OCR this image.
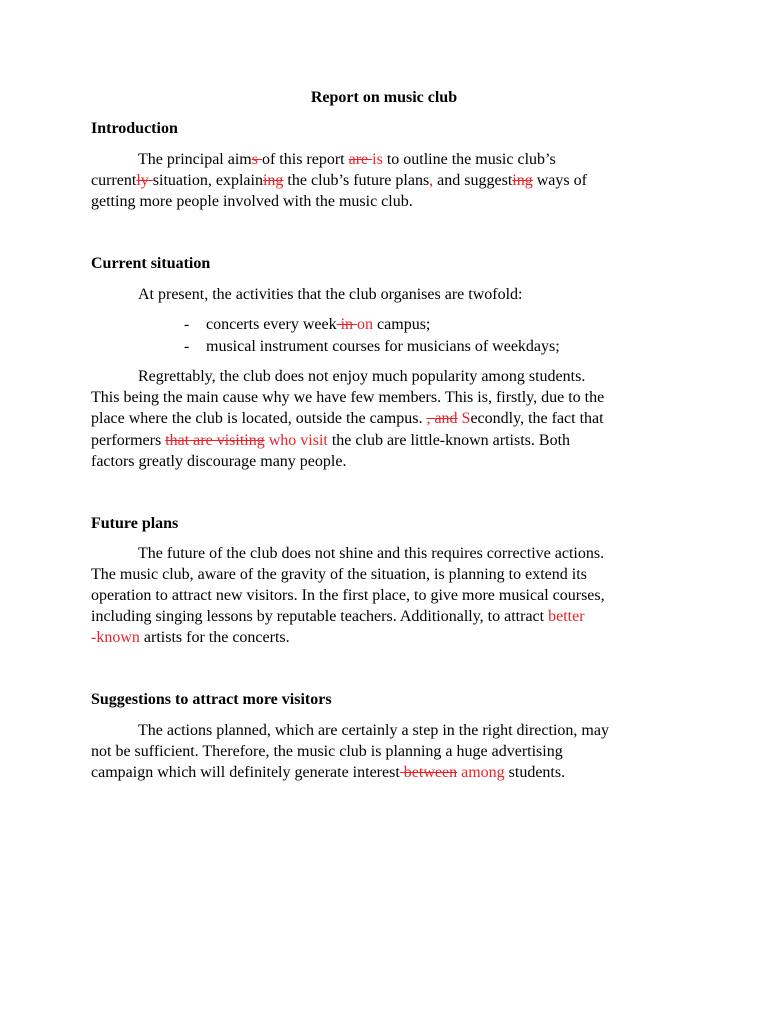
Report on music club
Introduction
The principal aims of this report are is to outline the music club’s
currently situation, explaining the club’s future plans, and suggesting ways of
getting more people involved with the music club.
Current situation
At present, the activities that the club organises are twofold:
- concerts every week in on campus;
- musical instrument courses for musicians of weekdays;
Regrettably, the club does not enjoy much popularity among students.
This being the main cause why we have few members. This is, firstly, due to the
place where the club is located, outside the campus. , and Secondly, the fact that
performers that are visiting who visit the club are little-known artists. Both
factors greatly discourage many people.
Future plans
The future of the club does not shine and this requires corrective actions.
The music club, aware of the gravity of the situation, is planning to extend its
operation to attract new visitors. In the first place, to give more musical courses,
including singing lessons by reputable teachers. Additionally, to attract better
-known artists for the concerts.
Suggestions to attract more visitors
The actions planned, which are certainly a step in the right direction, may
not be sufficient. Therefore, the music club is planning a huge advertising
campaign which will definitely generate interest between among students.
